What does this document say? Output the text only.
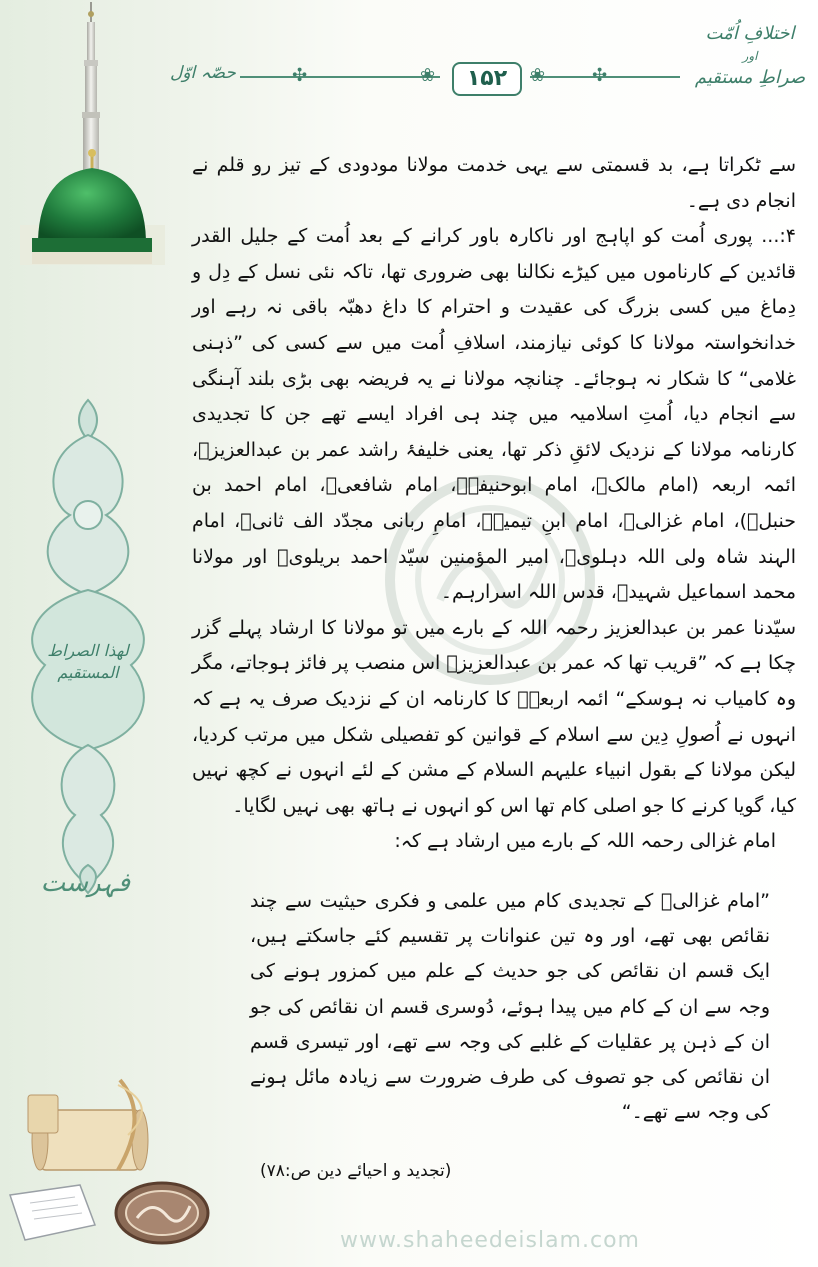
لھذا الصراط المستقیم
فہرست
❀	❀
✣	✣
۱۵۲
حصّہ اوّل
اختلافِ اُمّت
اور
صراطِ مستقیم

سے ٹکراتا ہے، بد قسمتی سے یہی خدمت مولانا مودودی کے تیز رو قلم نے انجام دی ہے۔

۴:... پوری اُمت کو اپاہج اور ناکارہ باور کرانے کے بعد اُمت کے جلیل القدر قائدین کے کارناموں میں کیڑے نکالنا بھی ضروری تھا، تاکہ نئی نسل کے دِل و دِماغ میں کسی بزرگ کی عقیدت و احترام کا داغ دھبّہ باقی نہ رہے اور خدانخواستہ مولانا کا کوئی نیازمند، اسلافِ اُمت میں سے کسی کی ”ذہنی غلامی“ کا شکار نہ ہوجائے۔ چنانچہ مولانا نے یہ فریضہ بھی بڑی بلند آہنگی سے انجام دیا، اُمتِ اسلامیہ میں چند ہی افراد ایسے تھے جن کا تجدیدی کارنامہ مولانا کے نزدیک لائقِ ذکر تھا، یعنی خلیفۂ راشد عمر بن عبدالعزیزؒ، ائمہ اربعہ (امام مالکؒ، امام ابوحنیفہؒ، امام شافعیؒ، امام احمد بن حنبلؒ)، امام غزالیؒ، امام ابنِ تیمیہؒ، امامِ ربانی مجدّد الف ثانیؒ، امام الہند شاہ ولی اللہ دہلویؒ، امیر المؤمنین سیّد احمد بریلویؒ اور مولانا محمد اسماعیل شہیدؒ، قدس اللہ اسرارہم۔

سیّدنا عمر بن عبدالعزیز رحمہ اللہ کے بارے میں تو مولانا کا ارشاد پہلے گزر چکا ہے کہ ”قریب تھا کہ عمر بن عبدالعزیزؒ اس منصب پر فائز ہوجاتے، مگر وہ کامیاب نہ ہوسکے“ ائمہ اربعہؒ کا کارنامہ ان کے نزدیک صرف یہ ہے کہ انہوں نے اُصولِ دِین سے اسلام کے قوانین کو تفصیلی شکل میں مرتب کردیا، لیکن مولانا کے بقول انبیاء علیہم السلام کے مشن کے لئے انہوں نے کچھ نہیں کیا، گویا کرنے کا جو اصلی کام تھا اس کو انہوں نے ہاتھ بھی نہیں لگایا۔

امام غزالی رحمہ اللہ کے بارے میں ارشاد ہے کہ:

”امام غزالیؒ کے تجدیدی کام میں علمی و فکری حیثیت سے چند نقائص بھی تھے، اور وہ تین عنوانات پر تقسیم کئے جاسکتے ہیں، ایک قسم ان نقائص کی جو حدیث کے علم میں کمزور ہونے کی وجہ سے ان کے کام میں پیدا ہوئے، دُوسری قسم ان نقائص کی جو ان کے ذہن پر عقلیات کے غلبے کی وجہ سے تھے، اور تیسری قسم ان نقائص کی جو تصوف کی طرف ضرورت سے زیادہ مائل ہونے کی وجہ سے تھے۔“

(تجدید و احیائے دین ص:۷۸)
www.shaheedeislam.com
